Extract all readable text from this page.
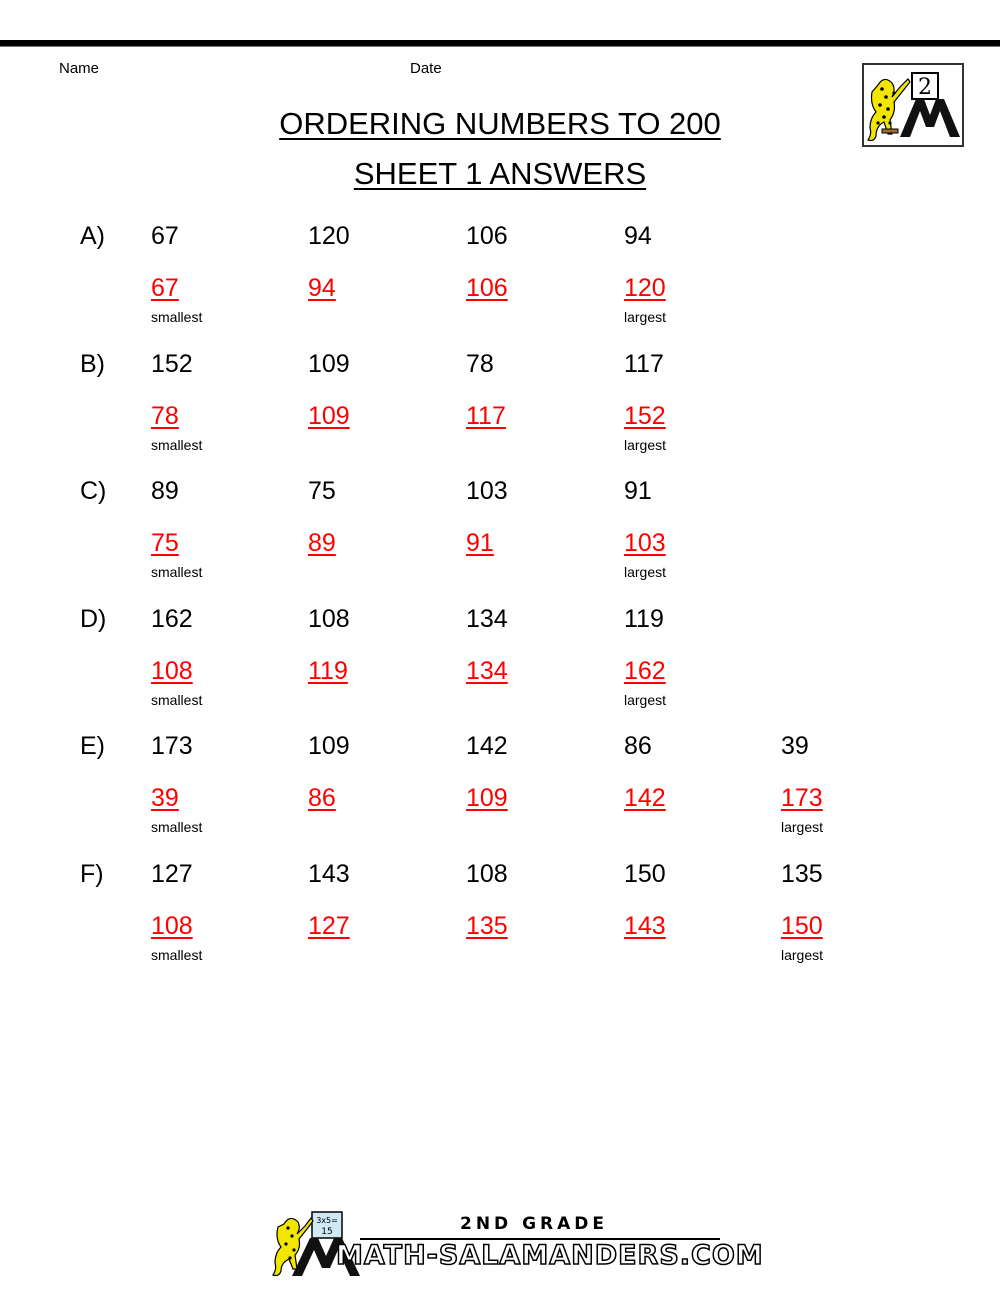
Name	Date
2
ORDERING NUMBERS TO 200
SHEET 1 ANSWERS
A) 67	120	106	94
67	94	106	120
smallest	largest
B) 152	109	78	117
78	109	117	152
smallest	largest
C) 89	75	103	91
75	89	91	103
smallest	largest
D) 162	108	134	119
108	119	134	162
smallest	largest
E) 173	109	142	86	39
39	86	109	142	173
smallest	largest
F) 127	143	108	150	135
108	127	135	143	150
smallest	largest
3x5=
15	2ND GRADE
MATH-SALAMANDERS.COM
